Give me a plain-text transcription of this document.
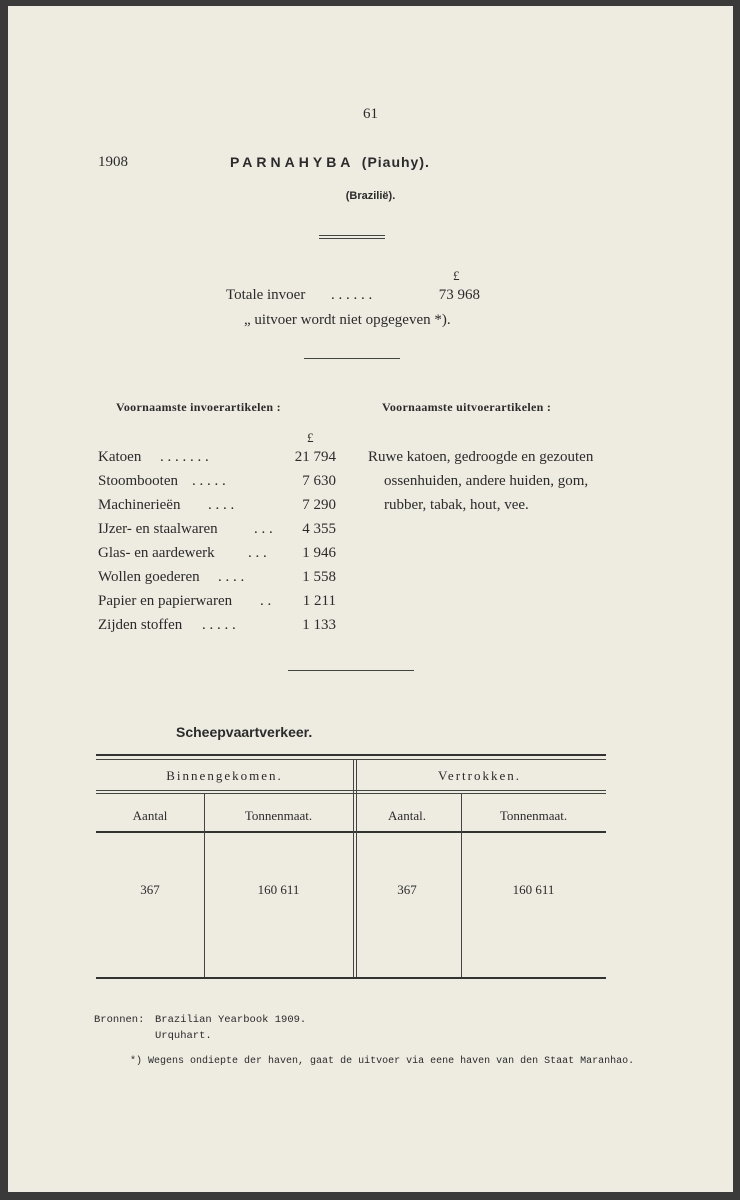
61
1908	PARNAHYBA (Piauhy).
(Brazilië).
£
Totale invoer . . . . . .	73 968
„ uitvoer wordt niet opgegeven *).
Voornaamste invoerartikelen :	Voornaamste uitvoerartikelen :
£
Katoen . . . . . . .	21 794
Stoombooten . . . . .	7 630
Machinerieën . . . .	7 290
IJzer- en staalwaren . . .	4 355
Glas- en aardewerk . . .	1 946
Wollen goederen . . . .	1 558
Papier en papierwaren . .	1 211
Zijden stoffen . . . . .	1 133
Ruwe katoen, gedroogde en gezouten
ossenhuiden, andere huiden, gom,
rubber, tabak, hout, vee.
Scheepvaartverkeer.
Binnengekomen.	Vertrokken.
Aantal	Tonnenmaat.	Aantal.	Tonnenmaat.
367	160 611	367	160 611
Bronnen: Brazilian Yearbook 1909.
Urquhart.
*) Wegens ondiepte der haven, gaat de uitvoer via eene haven van den Staat Maranhao.
